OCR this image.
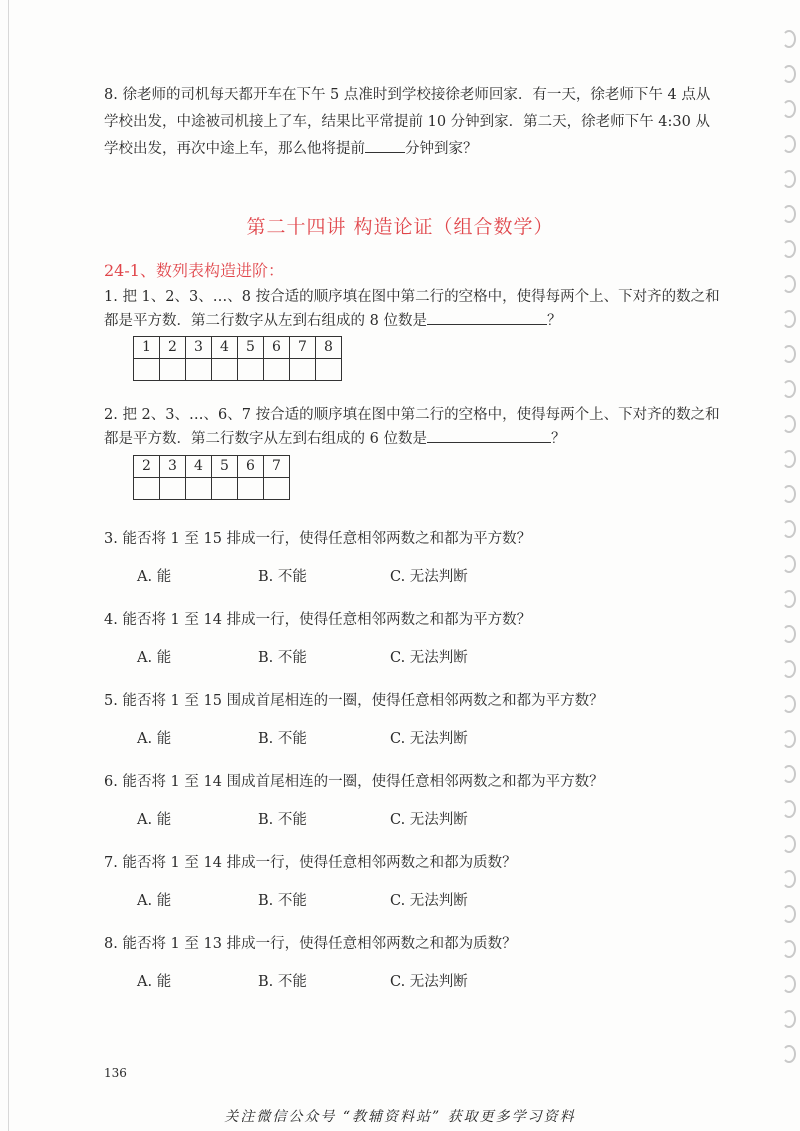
8. 徐老师的司机每天都开车在下午 5 点准时到学校接徐老师回家．有一天，徐老师下午 4 点从学校出发，中途被司机接上了车，结果比平常提前 10 分钟到家．第二天，徐老师下午 4:30 从学校出发，再次中途上车，那么他将提前	分钟到家？
第二十四讲 构造论证（组合数学）
24-1、数列表构造进阶：
1. 把 1、2、3、…、8 按合适的顺序填在图中第二行的空格中，使得每两个上、下对齐的数之和都是平方数．第二行数字从左到右组成的 8 位数是	？
1	2	3	4	5	6	7	8

2. 把 2、3、…、6、7 按合适的顺序填在图中第二行的空格中，使得每两个上、下对齐的数之和都是平方数．第二行数字从左到右组成的 6 位数是	？
2	3	4	5	6	7

3. 能否将 1 至 15 排成一行，使得任意相邻两数之和都为平方数？
A. 能	B. 不能	C. 无法判断
4. 能否将 1 至 14 排成一行，使得任意相邻两数之和都为平方数？
A. 能	B. 不能	C. 无法判断
5. 能否将 1 至 15 围成首尾相连的一圈，使得任意相邻两数之和都为平方数？
A. 能	B. 不能	C. 无法判断
6. 能否将 1 至 14 围成首尾相连的一圈，使得任意相邻两数之和都为平方数？
A. 能	B. 不能	C. 无法判断
7. 能否将 1 至 14 排成一行，使得任意相邻两数之和都为质数？
A. 能	B. 不能	C. 无法判断
8. 能否将 1 至 13 排成一行，使得任意相邻两数之和都为质数？
A. 能	B. 不能	C. 无法判断
136
关注微信公众号 “教辅资料站” 获取更多学习资料
